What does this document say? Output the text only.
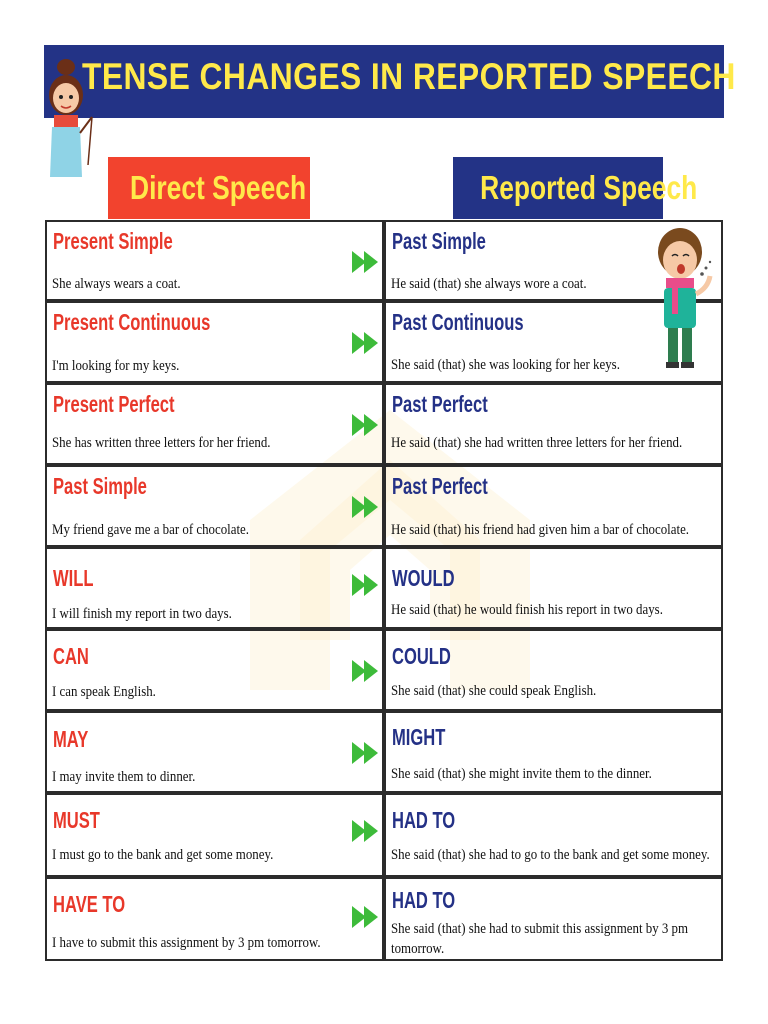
TENSE CHANGES IN REPORTED SPEECH
Direct Speech	Reported Speech
Present Simple
She always wears a coat.
Past Simple
He said (that) she always wore a coat.
Present Continuous
I'm looking for my keys.
Past Continuous
She said (that) she was looking for her keys.
Present Perfect
She has written three letters for her friend.
Past Perfect
He said (that) she had written three letters for her friend.
Past Simple
My friend gave me a bar of chocolate.
Past Perfect
He said (that) his friend had given him a bar of chocolate.
WILL
I will finish my report in two days.
WOULD
He said (that) he would finish his report in two days.
CAN
I can speak English.
COULD
She said (that) she could speak English.
MAY
I may invite them to dinner.
MIGHT
She said (that) she might invite them to the dinner.
MUST
I must go to the bank and get some money.
HAD TO
She said (that) she had to go to the bank and get some money.
HAVE TO
I have to submit this assignment by 3 pm tomorrow.
HAD TO
She said (that) she had to submit this assignment by 3 pm tomorrow.
